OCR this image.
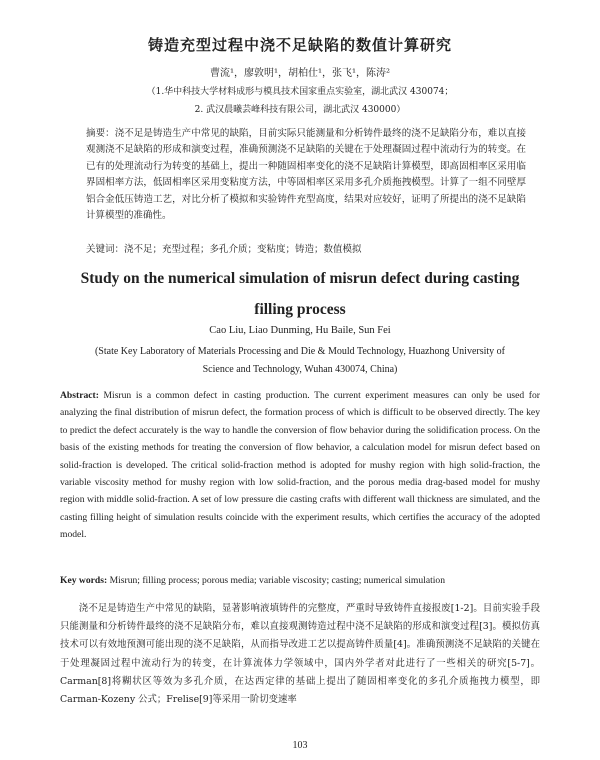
铸造充型过程中浇不足缺陷的数值计算研究
曹流¹，廖敦明¹，胡柏仕¹，张飞¹，陈涛²
（1.华中科技大学材料成形与模具技术国家重点实验室，湖北武汉 430074；
2. 武汉晨曦芸峰科技有限公司，湖北武汉 430000）
摘要：浇不足是铸造生产中常见的缺陷，目前实际只能测量和分析铸件最终的浇不足缺陷分布，难以直接观测浇不足缺陷的形成和演变过程，准确预测浇不足缺陷的关键在于处理凝固过程中流动行为的转变。在已有的处理流动行为转变的基础上，提出一种随固相率变化的浇不足缺陷计算模型，即高固相率区采用临界固相率方法，低固相率区采用变粘度方法，中等固相率区采用多孔介质拖拽模型。计算了一组不同壁厚铝合金低压铸造工艺，对比分析了模拟和实验铸件充型高度，结果对应较好，证明了所提出的浇不足缺陷计算模型的准确性。
关键词：浇不足；充型过程；多孔介质；变粘度；铸造；数值模拟
Study on the numerical simulation of misrun defect during casting
filling process
Cao Liu, Liao Dunming, Hu Baile, Sun Fei
(State Key Laboratory of Materials Processing and Die & Mould Technology, Huazhong University of
Science and Technology, Wuhan 430074, China)
Abstract: Misrun is a common defect in casting production. The current experiment measures can only be used for analyzing the final distribution of misrun defect, the formation process of which is difficult to be observed directly. The key to predict the defect accurately is the way to handle the conversion of flow behavior during the solidification process. On the basis of the existing methods for treating the conversion of flow behavior, a calculation model for misrun defect based on solid-fraction is developed. The critical solid-fraction method is adopted for mushy region with high solid-fraction, the variable viscosity method for mushy region with low solid-fraction, and the porous media drag-based model for mushy region with middle solid-fraction. A set of low pressure die casting crafts with different wall thickness are simulated, and the casting filling height of simulation results coincide with the experiment results, which certifies the accuracy of the adopted model.
Key words: Misrun; filling process; porous media; variable viscosity; casting; numerical simulation

浇不足是铸造生产中常见的缺陷，显著影响液填铸件的完整度，严重时导致铸件直接报废[1-2]。目前实验手段只能测量和分析铸件最终的浇不足缺陷分布，难以直接观测铸造过程中浇不足缺陷的形成和演变过程[3]。模拟仿真技术可以有效地预测可能出现的浇不足缺陷，从而指导改进工艺以提高铸件质量[4]。准确预测浇不足缺陷的关键在于处理凝固过程中流动行为的转变，在计算流体力学领域中，国内外学者对此进行了一些相关的研究[5-7]。Carman[8]将糊状区等效为多孔介质，在达西定律的基础上提出了随固相率变化的多孔介质拖拽力模型，即 Carman-Kozeny 公式；Frelise[9]等采用一阶切变速率

103
